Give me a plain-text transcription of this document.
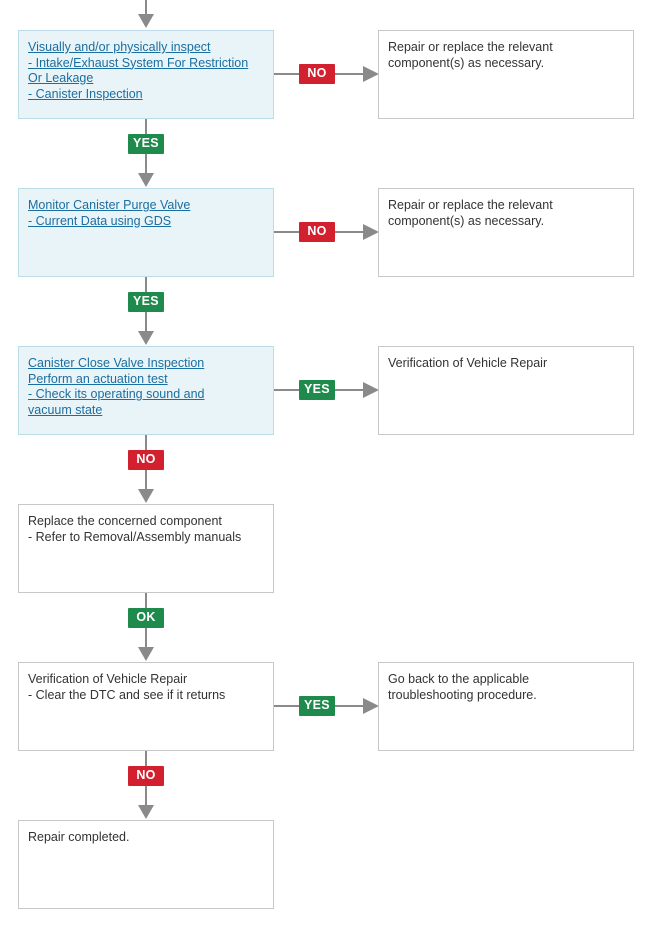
Visually and/or physically inspect
- Intake/Exhaust System For Restriction
Or Leakage
- Canister Inspection
NO
Repair or replace the relevant
component(s) as necessary.
YES
Monitor Canister Purge Valve
- Current Data using GDS
NO
Repair or replace the relevant
component(s) as necessary.
YES
Canister Close Valve Inspection
Perform an actuation test
- Check its operating sound and
vacuum state
YES
Verification of Vehicle Repair
NO
Replace the concerned component
- Refer to Removal/Assembly manuals
OK
Verification of Vehicle Repair
- Clear the DTC and see if it returns
YES
Go back to the applicable
troubleshooting procedure.
NO
Repair completed.
